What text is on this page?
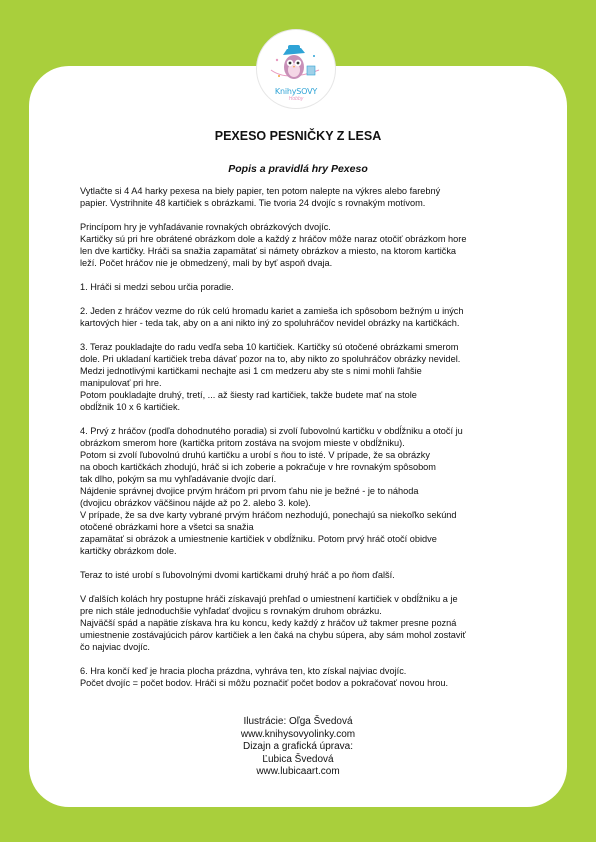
KnihySOVY
Hobby
PEXESO PESNIČKY Z LESA
Popis a pravidlá hry Pexeso

Vytlačte si 4 A4 harky pexesa na biely papier, ten potom nalepte na výkres alebo farebný
papier. Vystrihnite 48 kartičiek s obrázkami. Tie tvoria 24 dvojíc s rovnakým motívom.

Princípom hry je vyhľadávanie rovnakých obrázkových dvojíc.
Kartičky sú pri hre obrátené obrázkom dole a každý z hráčov môže naraz otočiť obrázkom hore
len dve kartičky. Hráči sa snažia zapamätať si námety obrázkov a miesto, na ktorom kartička
leží. Počet hráčov nie je obmedzený, mali by byť aspoň dvaja.

1. Hráči si medzi sebou určia poradie.

2. Jeden z hráčov vezme do rúk celú hromadu kariet a zamieša ich spôsobom bežným u iných
kartových hier - teda tak, aby on a ani nikto iný zo spoluhráčov nevidel obrázky na kartičkách.

3. Teraz poukladajte do radu vedľa seba 10 kartičiek. Kartičky sú otočené obrázkami smerom
dole. Pri ukladaní kartičiek treba dávať pozor na to, aby nikto zo spoluhráčov obrázky nevidel.
Medzi jednotlivými kartičkami nechajte asi 1 cm medzeru aby ste s nimi mohli ľahšie
manipulovať pri hre.
Potom poukladajte druhý, tretí, ... až šiesty rad kartičiek, takže budete mať na stole
obdĺžnik 10 x 6 kartičiek.

4. Prvý z hráčov (podľa dohodnutého poradia) si zvolí ľubovolnú kartičku v obdĺžniku a otočí ju
obrázkom smerom hore (kartička pritom zostáva na svojom mieste v obdĺžniku).
Potom si zvolí ľubovolnú druhú kartičku a urobí s ňou to isté. V prípade, že sa obrázky
na oboch kartičkách zhodujú, hráč si ich zoberie a pokračuje v hre rovnakým spôsobom
tak dlho, pokým sa mu vyhľadávanie dvojíc darí.
Nájdenie správnej dvojice prvým hráčom pri prvom ťahu nie je bežné - je to náhoda
(dvojicu obrázkov väčšinou nájde až po 2. alebo 3. kole).
V prípade, že sa dve karty vybrané prvým hráčom nezhodujú, ponechajú sa niekoľko sekúnd
otočené obrázkami hore a všetci sa snažia
zapamätať si obrázok a umiestnenie kartičiek v obdĺžniku. Potom prvý hráč otočí obidve
kartičky obrázkom dole.

Teraz to isté urobí s ľubovolnými dvomi kartičkami druhý hráč a po ňom ďalší.

V ďalších kolách hry postupne hráči získavajú prehľad o umiestnení kartičiek v obdĺžniku a je
pre nich stále jednoduchšie vyhľadať dvojicu s rovnakým druhom obrázku.
Najväčší spád a napätie získava hra ku koncu, kedy každý z hráčov už takmer presne pozná
umiestnenie zostávajúcich párov kartičiek a len čaká na chybu súpera, aby sám mohol zostaviť
čo najviac dvojíc.

6. Hra končí keď je hracia plocha prázdna, vyhráva ten, kto získal najviac dvojíc.
Počet dvojíc = počet bodov. Hráči si môžu poznačiť počet bodov a pokračovať novou hrou.

Ilustrácie: Oľga Švedová
www.knihysovyolinky.com
Dizajn a grafická úprava:
Ľubica Švedová
www.lubicaart.com
